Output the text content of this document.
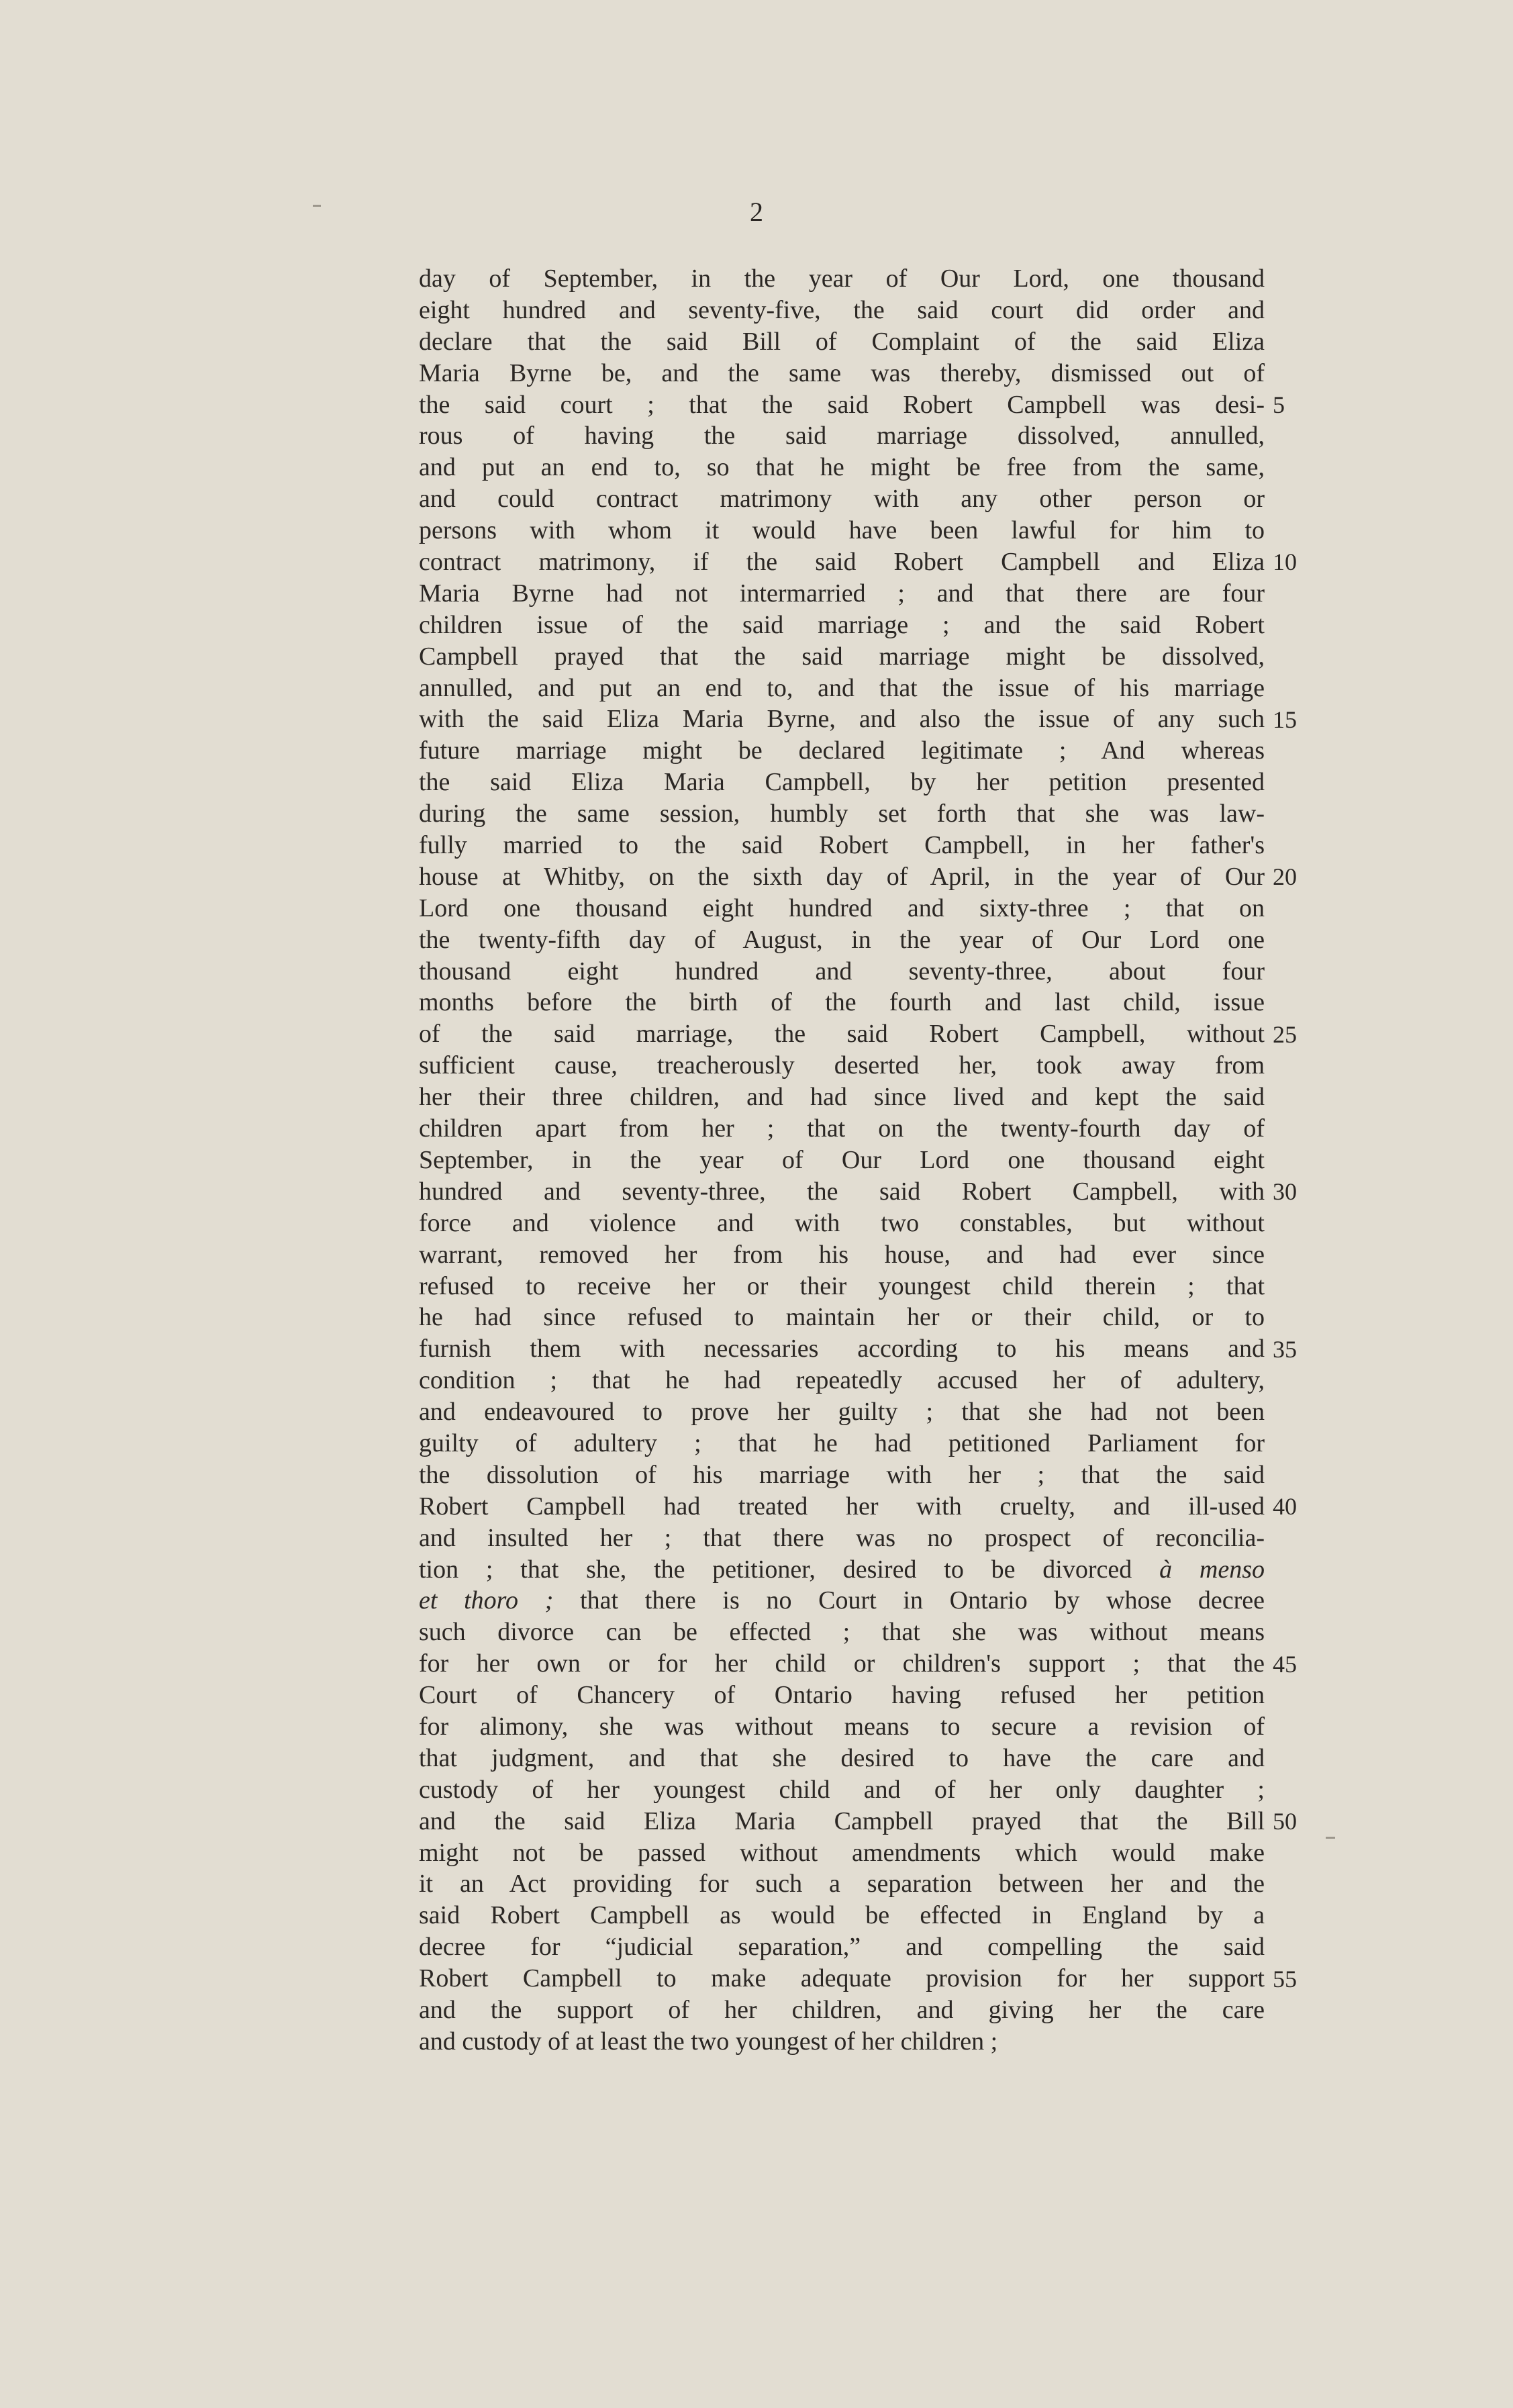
2
day of September, in the year of Our Lord, one thousand
eight hundred and seventy-five, the said court did order and
declare that the said Bill of Complaint of the said Eliza
Maria Byrne be, and the same was thereby, dismissed out of
the said court ; that the said Robert Campbell was desi-
rous of having the said marriage dissolved, annulled,
and put an end to, so that he might be free from the same,
and could contract matrimony with any other person or
persons with whom it would have been lawful for him to
contract matrimony, if the said Robert Campbell and Eliza
Maria Byrne had not intermarried ; and that there are four
children issue of the said marriage ; and the said Robert
Campbell prayed that the said marriage might be dissolved,
annulled, and put an end to, and that the issue of his marriage
with the said Eliza Maria Byrne, and also the issue of any such
future marriage might be declared legitimate ; And whereas
the said Eliza Maria Campbell, by her petition presented
during the same session, humbly set forth that she was law-
fully married to the said Robert Campbell, in her father's
house at Whitby, on the sixth day of April, in the year of Our
Lord one thousand eight hundred and sixty-three ; that on
the twenty-fifth day of August, in the year of Our Lord one
thousand eight hundred and seventy-three, about four
months before the birth of the fourth and last child, issue
of the said marriage, the said Robert Campbell, without
sufficient cause, treacherously deserted her, took away from
her their three children, and had since lived and kept the said
children apart from her ; that on the twenty-fourth day of
September, in the year of Our Lord one thousand eight
hundred and seventy-three, the said Robert Campbell, with
force and violence and with two constables, but without
warrant, removed her from his house, and had ever since
refused to receive her or their youngest child therein ; that
he had since refused to maintain her or their child, or to
furnish them with necessaries according to his means and
condition ; that he had repeatedly accused her of adultery,
and endeavoured to prove her guilty ; that she had not been
guilty of adultery ; that he had petitioned Parliament for
the dissolution of his marriage with her ; that the said
Robert Campbell had treated her with cruelty, and ill-used
and insulted her ; that there was no prospect of reconcilia-
tion ; that she, the petitioner, desired to be divorced à menso
et thoro ; that there is no Court in Ontario by whose decree
such divorce can be effected ; that she was without means
for her own or for her child or children's support ; that the
Court of Chancery of Ontario having refused her petition
for alimony, she was without means to secure a revision of
that judgment, and that she desired to have the care and
custody of her youngest child and of her only daughter ;
and the said Eliza Maria Campbell prayed that the Bill
might not be passed without amendments which would make
it an Act providing for such a separation between her and the
said Robert Campbell as would be effected in England by a
decree for “judicial separation,” and compelling the said
Robert Campbell to make adequate provision for her support
and the support of her children, and giving her the care
and custody of at least the two youngest of her children ;
5
10
15
20
25
30
35
40
45
50
55
